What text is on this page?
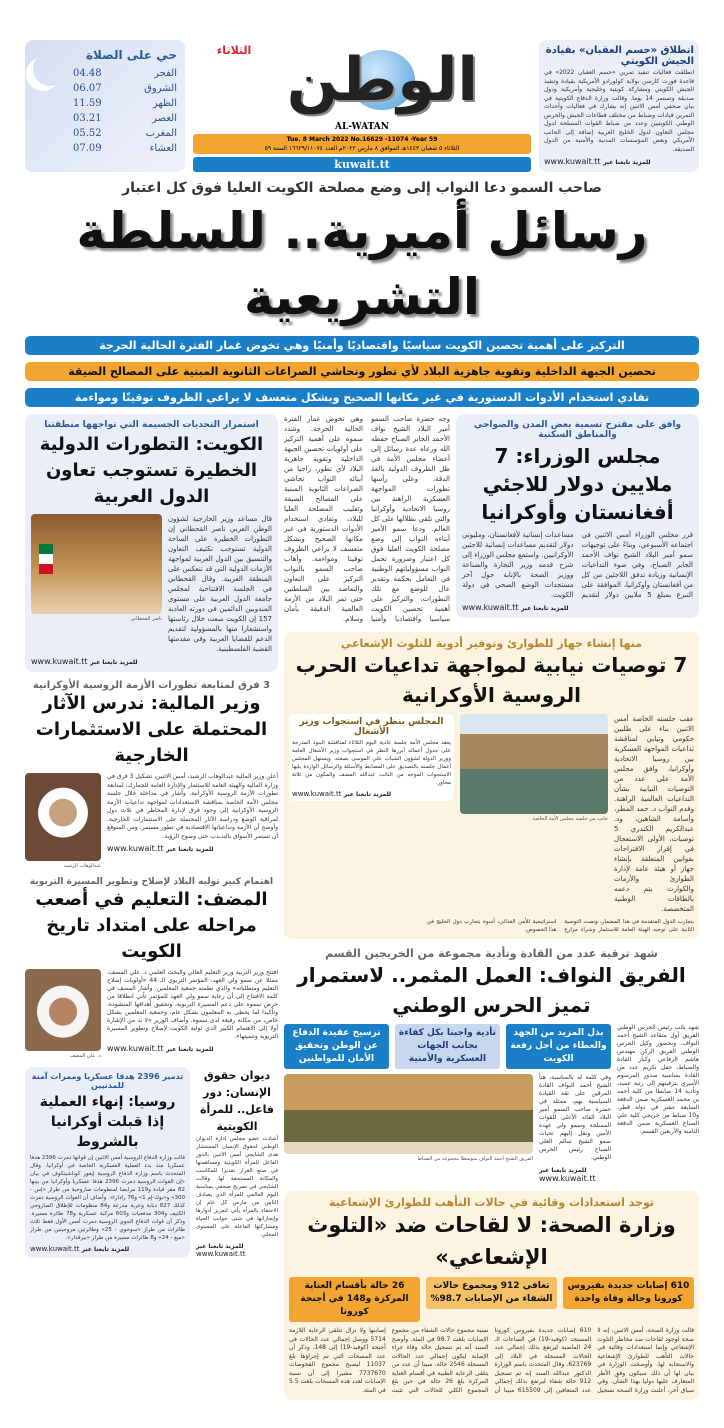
انطلاق «حسم العقبان» بقيادة الجيش الكويتي

انطلقت فعاليات تنفيذ تمرين «حسم العقبان 2022» في قاعدة فورت كارسن بولاية كولورادو الأمريكية بقيادة وتنفيذ الجيش الكويتي ومشاركة كويتية وخليجية وأمريكية ودول صديقة وتستمر 14 يوما. وقالت وزارة الدفاع الكويتية في بيان صحفي أمس الاثنين إنه يشارك في فعاليات وأحداث التمرين قيادات وضباط من مختلف قطاعات الجيش والحرس الوطني الكويتيين وعدد من ضباط القوات المسلحة لدول مجلس التعاون لدول الخليج العربية إضافة إلى الجانب الأمريكي وبعض المؤسسات المدنية والأمنية من الدول الصديقة.

www.kuwait.tt للمزيد تابعنا عبر
الوطن
الثلاثاء
AL-WATAN
Tue. 8 March 2022 No.16629 -11074 -Year 59
الثلاثاء ٥ شعبان ١٤٤٣هـ الموافق ٨ مارس ٢٠٢٢م العدد ١٦٦٢٩/١١٠٧٤ السنة ٥٩
kuwait.tt
حي على الصلاة
الفجر
04.48
الشروق
06.07
الظهر
11.59
العصر
03.21
المغرب
05.52
العشاء
07.09
صاحب السمو دعا النواب إلى وضع مصلحة الكويت العليا فوق كل اعتبار
رسائل أميرية.. للسلطة التشريعية
التركيز على أهمية تحصين الكويت سياسيًا واقتصاديًا وأمنيًا وهي تخوض غمار الفترة الحالية الحرجة
تحصين الجبهة الداخلية وتقوية جاهزية البلاد لأي تطور وتحاشي الصراعات الثانوية المبنية على المصالح الضيقة
تفادي استخدام الأدوات الدستورية في غير مكانها الصحيح وبشكل متعسف لا يراعي الظروف توقيتًا ومواءمة
وافق على مقترح تسمية بعض المدن والضواحي والمناطق السكنية
مجلس الوزراء: 7 ملايين دولار للاجئي أفغانستان وأوكرانيا

قرر مجلس الوزراء أمس الاثنين في اجتماعه الأسبوعي، وبناءً على توجيهات سمو أمير البلاد الشيخ نواف الأحمد الجابر الصباح، وفي ضوء التداعيات الإنسانية وزيادة تدفق اللاجئين من كل من أفغانستان وأوكرانيا، الموافقة على التبرع بمبلغ 5 ملايين دولار لتقديم مساعدات إنسانية لأفغانستان، ومليوني دولار لتقديم مساعدات إنسانية للاجئين الأوكرانيين. واستمع مجلس الوزراء إلى شرح قدمه وزير التجارة والصناعة ووزير الصحة بالإنابة حول آخر مستجدات الوضع الصحي في دولة الكويت.

www.kuwait.tt للمزيد تابعنا عبر

وجه حضرة صاحب السمو أمير البلاد الشيخ نواف الأحمد الجابر الصباح حفظه الله ورعاه عدة رسائل إلى أعضاء مجلس الأمة في ظل الظروف الدولية بالغة الدقة، وعلى رأسها تطورات المواجهة العسكرية الراهنة بين روسيا الاتحادية وأوكرانيا والتي تلقي بظلالها على كل العالم. ودعا سمو الأمير أبناءه النواب إلى وضع مصلحة الكويت العليا فوق كل اعتبار وضرورة تحمل النواب مسؤولياتهم الوطنية في التعامل بحكمة وتقدير عال للوضع مع تلك التطورات، والتركيز على أهمية تحصين الكويت سياسيا واقتصاديا وأمنيا وهي تخوض غمار الفترة الحالية الحرجة. وشدد سموه على أهمية التركيز على أولويات تحصين الجبهة الداخلية وتقوية جاهزية البلاد لأي تطور، راجيا من أبنائه النواب تحاشي الصراعات الثانوية المبنية على المصالح الضيقة وتغليب المصلحة العليا للبلاد، وتفادي استخدام الأدوات الدستورية في غير مكانها الصحيح وبشكل متعسف لا يراعي الظروف توقيتا ومواءمة. وأهاب صاحب السمو بالنواب التركيز على التعاون والتعاضد بين السلطتين حتى تمر البلاد من الأزمة العالمية الدقيقة بأمان وسلام.

منها إنشاء جهاز للطوارئ وتوفير أدوية للتلوث الإشعاعي
7 توصيات نيابية لمواجهة تداعيات الحرب الروسية الأوكرانية

عقب جلسته الخاصة أمس الاثنين بناء على طلبين حكومي ونيابي لمناقشة تداعيات المواجهة العسكرية بين روسيا الاتحادية وأوكرانيا، وافق مجلس الأمة على عدد من التوصيات النيابية بشأن التداعيات العالمية الراهنة. وقدم النواب د. حمد المطر، وأسامة الشاهين، ود. عبدالكريم الكندري 5 توصيات، الأولى الاستعجال في إقرار الاقتراحات بقوانين المتعلقة بإنشاء جهاز أو هيئة عامة لإدارة الطوارئ والأزمات والكوارث يتم دعمه بالطاقات الوطنية المتخصصة.

جانب من جلسة مجلس الأمة الخاصة
المجلس ينظر في استجواب وزير الأشغال

يعقد مجلس الأمة جلسة عادية اليوم الثلاثاء لمناقشة البنود المدرجة على جدول أعماله أبرزها النظر في استجواب وزير الأشغال العامة ووزير الدولة لشؤون الشباب علي الموسى بصفته. ويستهل المجلس أعمال جلسته بالتصديق على المضابط والأسئلة والرسائل الواردة يليها الاستجواب الموجه من النائب عبدالله المضف والمكون من ثلاثة محاور.

www.kuwait.tt للمزيد تابعنا عبر

بتجارب الدول المتقدمة في هذا المضمار، ونصت التوصية الثانية على توجيه الهيئة العامة للاستثمار وشراء مزارع استراتيجية للأمن الغذائي، أسوة بتجارب دول الخليج في هذا الخصوص.

شهد ترقية عدد من القادة وتأدية مجموعة من الخريجين القسم
الفريق النواف: العمل المثمر.. لاستمرار تميز الحرس الوطني

شهد نائب رئيس الحرس الوطني الفريق أول متقاعد الشيخ أحمد النواف، وبحضور وكيل الحرس الوطني الفريق الركن مهندس هاشم الرفاعي وكبار القادة والضباط، حفل تكريم عدد من القادة بمناسبة صدور المرسوم الأميري بترقيتهم إلى رتبة عميد، وتأدية 14 ضابطا من كلية أحمد بن محمد العسكرية ضمن الدفعة السابعة عشر في دولة قطر، و10 ضباط من خريجي كلية علي الصباح العسكرية ضمن الدفعة الثامنة والأربعين القسم.

بذل المزيد من الجهد والعطاء من أجل رفعة الكويت
تأدية واجبنا بكل كفاءة بجانب الجهات العسكرية والأمنية
ترسيخ عقيدة الدفاع عن الوطن وتحقيق الأمان للمواطنين

وفي كلمة له بالمناسبة، هنأ الشيخ أحمد النواف القادة المرقين على ثقة القيادة السياسية بهم، ممثلة في حضرة صاحب السمو أمير البلاد القائد الأعلى للقوات المسلحة وسمو ولي عهده الأمين ونقل إليهم تحيات سمو الشيخ سالم العلي الصباح رئيس الحرس الوطني.

للمزيد تابعنا عبر
www.kuwait.tt
الفريق الشيخ أحمد النواف متوسطا مجموعة من الضباط
توجد استعدادات وقائية في حالات التأهب للطوارئ الإشعاعية
وزارة الصحة: لا لقاحات ضد «التلوث الإشعاعي»
610 إصابات جديدة بفيروس كورونا وحالة وفاة واحدة
تعافي 912 ومجموع حالات الشفاء من الإصابات 98.7%
26 حالة بأقسام العناية المركزة و148 في أجنحة كورونا

قالت وزارة الصحة، أمس الاثنين، إنه لا صحة لوجود لقاحات ضد مخاطر التلوث الإشعاعي وإنما استعدادات وقائية في حالات التأهب للطوارئ الإشعاعية والاستجابة لها. وأوضحت الوزارة في بيان لها أن ذلك سيكون وفق الأطر المتعارف عليها دوليا بهذا الشأن. وفي سياق آخر، أعلنت وزارة الصحة تسجيل 610 إصابات جديدة بفيروس كورونا المستجد (كوفيد-19) في الساعات الـ 24 الماضية ليرتفع بذلك إجمالي عدد الحالات المسجلة في البلاد إلى 623769. وقال المتحدث باسم الوزارة الدكتور عبدالله السند إنه تم تسجيل 912 حالة شفاء ليرتفع بذلك إجمالي عدد المتعافين إلى 615509 مبينا أن نسبة مجموع حالات الشفاء من مجموع الإصابات بلغت 98.7 في المئة. وأوضح السند أنه تم تسجيل حالة وفاة جراء الإصابة ليكون إجمالي عدد الحالات المسجلة 2546 حالة، مبينا أن عدد من يتلقى الرعاية الطبية في أقسام العناية المركزة بلغ 26 حالة في حين بلغ المجموع الكلي للحالات التي تثبت إصابتها ولا تزال تتلقى الرعاية اللازمة 5714 ووصل إجمالي عدد الحالات في أجنحة (كوفيد-19) إلى 148. وذكر أن عدد المسحات التي تم إجراؤها بلغ 11037 ليصبح مجموع الفحوصات 7737670 مشيرا إلى أن نسبة الإصابات لعدد هذه المسحات بلغت 5.5 في المئة.

استمرار التحديات الجسيمة التي تواجهها منطقتنا
الكويت: التطورات الدولية الخطيرة تستوجب تعاون الدول العربية

قال مساعد وزير الخارجية لشؤون الوطن العربي ناصر القحطاني إن التطورات الخطيرة على الساحة الدولية تستوجب تكثيف التعاون والتنسيق بين الدول العربية لمواجهة الأزمات الدولية التي قد تنعكس على المنطقة العربية. وقال القحطاني في الجلسة الافتتاحية لمجلس جامعة الدول العربية على مستوى المندوبين الدائمين في دورته العادية 157 إن الكويت سعت خلال رئاستها واستشعارا منها بالمسؤولية لتقديم الدعم للقضايا العربية وفي مقدمتها القضية الفلسطينية.

ناصر القحطاني
www.kuwait.tt للمزيد تابعنا عبر
3 فرق لمتابعة تطورات الأزمة الروسية الأوكرانية
وزير المالية: ندرس الآثار المحتملة على الاستثمارات الخارجية

أعلن وزير المالية عبدالوهاب الرشيد، أمس الاثنين، تشكيل 3 فرق في وزارة المالية والهيئة العامة للاستثمار والإدارة العامة للجمارك، لمتابعة تطورات الأزمة الروسية الأوكرانية. وأشار في مداخلة خلال جلسة مجلس الأمة الخاصة بمناقشة الاستعدادات لمواجهة تداعيات الأزمة الروسية الأوكرانية إلى وجود فرق لإدارة المخاطر في ثلاث دول لمراقبة الوضع ودراسة الآثار المحتملة على الاستثمارات الخارجية. وأوضح أن الأزمة وتداعياتها الاقتصادية في تطور مستمر، ومن المتوقع أن تستمر الأسواق بالتذبذب حتى وضوح الرؤية.

www.kuwait.tt للمزيد تابعنا عبر
عبدالوهاب الرشيد
اهتمام كبير توليه البلاد لإصلاح وتطوير المسيرة التربوية
المضف: التعليم في أصعب مراحله على امتداد تاريخ الكويت

افتتح وزير التربية وزير التعليم العالي والبحث العلمي د. علي المضف، ممثلا عن سمو ولي العهد، المؤتمر التربوي الـ 44 «أولويات إصلاح التعليم ومتطلباته» والذي نظمته جمعية المعلمين. وأشار المضف في كلمة الافتتاح إلى أن رعاية سمو ولي العهد للمؤتمر تأتي انطلاقا من حرص سموه على دعم المسيرة التربوية، وتحقيق أهدافها المنشودة، وتأكيدا لما يحظى به المعلمون بشكل عام، وجمعية المعلمين بشكل خاص، من مكانة رفيعة لدى سموه. وأضاف الوزير «لا بد من الإشارة أولا إلى الاهتمام الكبير الذي توليه الكويت لإصلاح وتطوير المسيرة التربوية وتنميتها».

www.kuwait.tt للمزيد تابعنا عبر
د. علي المضف
ديوان حقوق الإنسان: دور فاعل.. للمرأة الكويتية

أشادت عضو مجلس إدارة الديوان الوطني لحقوق الإنسان المستشار هدى الشايجي أمس الاثنين بالدور الفاعل للمرأة الكويتية ومساهمتها في صنع القرار تقديرا للمكاسب والمكانة المستحقة لها. وقالت الشايجي في تصريح صحفي بمناسبة اليوم العالمي للمرأة الذي يصادف الثامن من مارس كل عام إن الاحتفاء بالمرأة يأتي لتعزيز أدوارها وإنجازاتها في شتى جوانب الحياة ومشاركتها الفاعلة على المستوى المحلي.

للمزيد تابعنا عبر
www.kuwait.tt
تدمير 2396 هدفا عسكريا وممرات آمنة للمدنيين
روسيا: إنهاء العملية إذا قبلت أوكرانيا بالشروط

قالت وزارة الدفاع الروسية أمس الاثنين إن قواتها دمرت 2396 هدفا عسكريا منذ بدء العملية العسكرية الخاصة في أوكرانيا. وقال المتحدث باسم وزارة الدفاع الروسية إيغور كوناشينكوف في بيان «إن القوات الروسية دمرت 2396 هدفا عسكريا وأوكرانيا من بينها 82 مقر قيادة و119 مرابضا لمنظومات صاروخية من طراز «إس - 300» و«بوك-إم 1» و76 رادارا». وأضاف أن القوات الروسية دمرت كذلك 827 دبابة وعربة مدرعة و84 منظومات للإطلاق الصاروخي الكثيف و304 مدفعيات و603 مركبة عسكرية و78 طائرة مسيرة. وذكر أن قوات الدفاع الجوي الروسية دمرت أمس الأول فقط ثلاث طائرات من طراز «سوخوي - 25» وطائرتين مروحيتين من طراز «ميغ - 24» و8 طائرات مسيرة من طراز «بيرقدار».

www.kuwait.tt للمزيد تابعنا عبر
